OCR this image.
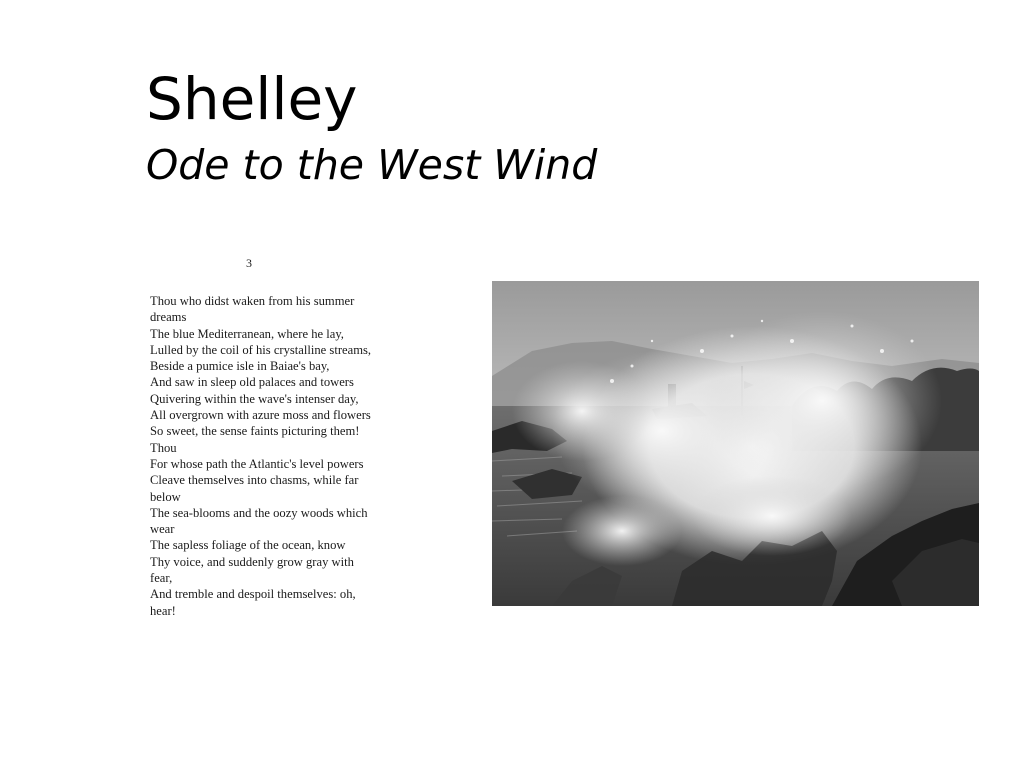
Shelley
Ode to the West Wind
3
Thou who didst waken from his summer
dreams
The blue Mediterranean, where he lay,
Lulled by the coil of his crystalline streams,
Beside a pumice isle in Baiae's bay,
And saw in sleep old palaces and towers
Quivering within the wave's intenser day,
All overgrown with azure moss and flowers
So sweet, the sense faints picturing them!
Thou
For whose path the Atlantic's level powers
Cleave themselves into chasms, while far
below
The sea-blooms and the oozy woods which
wear
The sapless foliage of the ocean, know
Thy voice, and suddenly grow gray with
fear,
And tremble and despoil themselves: oh,
hear!
